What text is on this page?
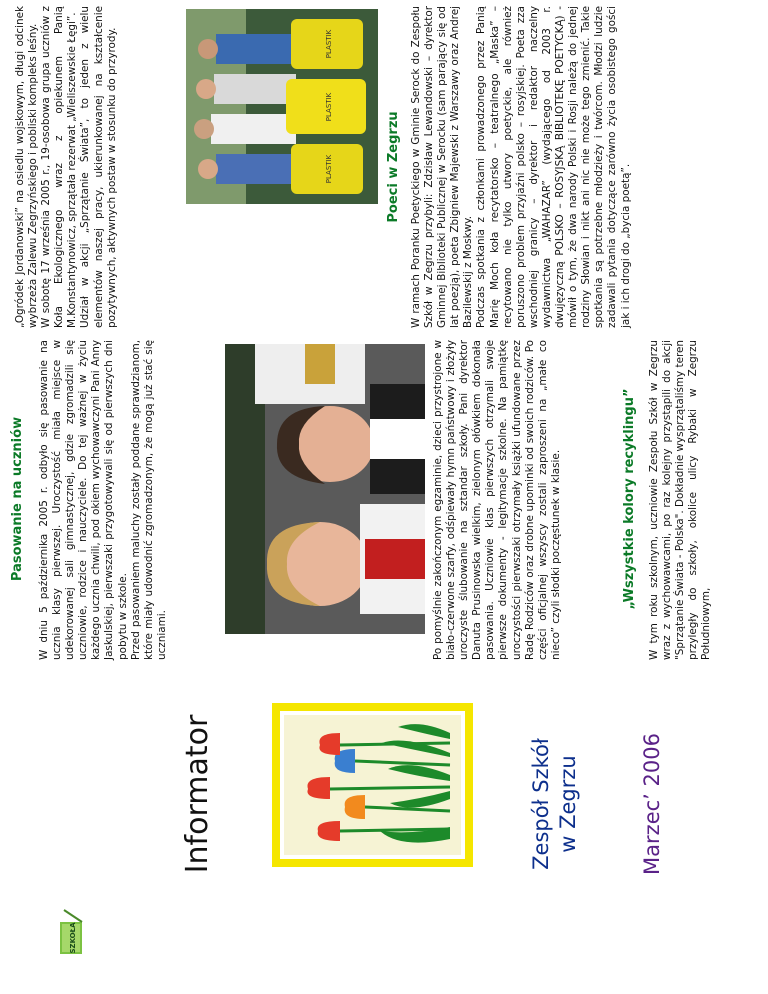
SZKOŁA
Informator	Zespół Szkół w Zegrzu	Marzec’ 2006
Pasowanie na uczniów W dniu 5 października 2005 r. odbyło się pasowanie na ucznia klasy pierwszej. Uroczystość miała miejsce w udekorowanej sali gimnastycznej, gdzie zgromadzili się uczniowie, rodzice i nauczyciele. Do tej ważnej w życiu każdego ucznia chwili, pod okiem wychowawczyni Pani Anny Jaskulskiej, pierwszaki przygotowywali się od pierwszych dni pobytu w szkole. Przed pasowaniem maluchy zostały poddane sprawdzianom, które miały udowodnić zgromadzonym, że mogą już stać się uczniami.	Po pomyślnie zakończonym egzaminie, dzieci przystrojone w biało-czerwone szarfy, odśpiewały hymn państwowy i złożyły uroczyste ślubowanie na sztandar szkoły. Pani dyrektor Danuta Prusinowska wielkim, zielonym ołówkiem dokonała pasowania. Uczniowie klas pierwszych otrzymali swoje pierwsze dokumenty - legitymacje szkolne. Na pamiątkę uroczystości pierwszaki otrzymały książki ufundowane przez Radę Rodziców oraz drobne upominki od swoich rodziców. Po części oficjalnej wszyscy zostali zaproszeni na „małe co nieco” czyli słodki poczęstunek w klasie.	„Wszystkie kolory recyklingu” W tym roku szkolnym, uczniowie Zespołu Szkół w Zegrzu wraz z wychowawcami, po raz kolejny przystąpili do akcji "Sprzątanie Świata - Polska". Dokładnie wysprzątaliśmy teren przyległy do szkoły, okolice ulicy Rybaki w Zegrzu Południowym,

„Ogródek Jordanowski” na osiedlu wojskowym, długi odcinek wybrzeża Zalewu Zegrzyńskiego i pobliski kompleks leśny. W sobotę 17 września 2005 r., 19-osobowa grupa uczniów z Koła Ekologicznego wraz z opiekunem Panią M.Konstantynowicz, sprzątała rezerwat „Wieliszewskie Łęgi”. Udział w akcji „Sprzątanie Świata”, to jeden z wielu elementów naszej pracy, ukierunkowanej na kształcenie pozytywnych, aktywnych postaw w stosunku do przyrody.	PLASTIK
PLASTIK
PLASTIK
Poeci w Zegrzu W ramach Poranku Poetyckiego w Gminie Serock do Zespołu Szkół w Zegrzu przybyli: Zdzisław Lewandowski – dyrektor Gminnej Biblioteki Publicznej w Serocku (sam parający się od lat poezją), poeta Zbigniew Majewski z Warszawy oraz Andrej Bazilewskij z Moskwy. Podczas spotkania z członkami prowadzonego przez Panią Marię Moch koła recytatorsko – teatralnego „Maska” – recytowano nie tylko utwory poetyckie, ale również poruszono problem przyjaźni polsko – rosyjskiej. Poeta zza wschodniej granicy – dyrektor i redaktor naczelny wydawnictwa „WAHAZAR” (wydającego od 2003 r. dwujęzyczną POLSKO – ROSYJSKĄ BIBLIOTEKĘ POETYCKĄ) - mówił o tym, że dwa narody Polski i Rosji należą do jednej rodziny Słowian i nikt ani nic nie może tego zmienić. Takie spotkania są potrzebne młodzieży i twórcom. Młodzi ludzie zadawali pytania dotyczące zarówno życia osobistego gości jak i ich drogi do „bycia poetą”.
